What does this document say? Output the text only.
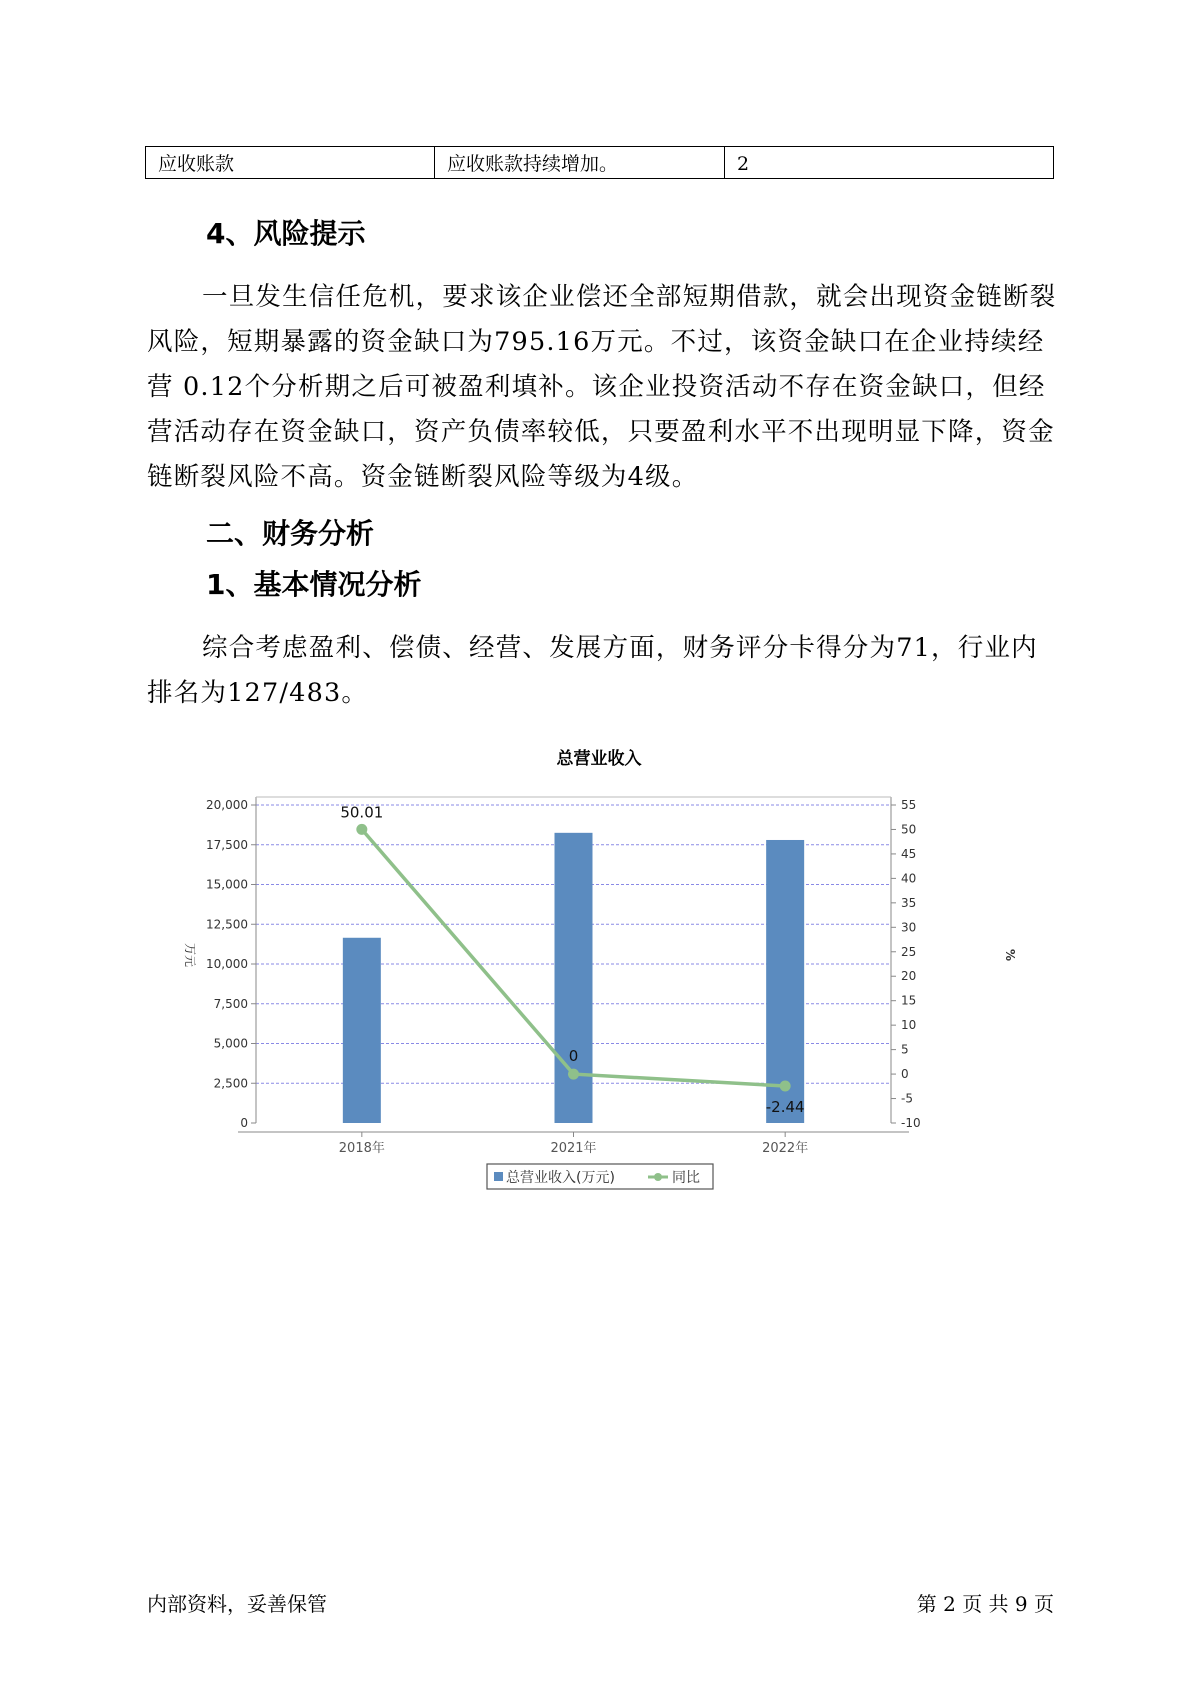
应收账款	应收账款持续增加。	2
4、风险提示

一旦发生信任危机，要求该企业偿还全部短期借款，就会出现资金链断裂风险，短期暴露的资金缺口为795.16万元。不过，该资金缺口在企业持续经营 0.12个分析期之后可被盈利填补。该企业投资活动不存在资金缺口，但经营活动存在资金缺口，资产负债率较低，只要盈利水平不出现明显下降，资金链断裂风险不高。资金链断裂风险等级为4级。

二、财务分析
1、基本情况分析

综合考虑盈利、偿债、经营、发展方面，财务评分卡得分为71，行业内排名为127/483。

总营业收入
50.01
0
-2.44
0
2,500
5,000
7,500
10,000
12,500
15,000
17,500
20,000
-10
-5
0
5
10
15
20
25
30
35
40
45
50
55
2018年	2021年	2022年
万元	%
总营业收入(万元)	同比
内部资料，妥善保管	第 2 页 共 9 页
